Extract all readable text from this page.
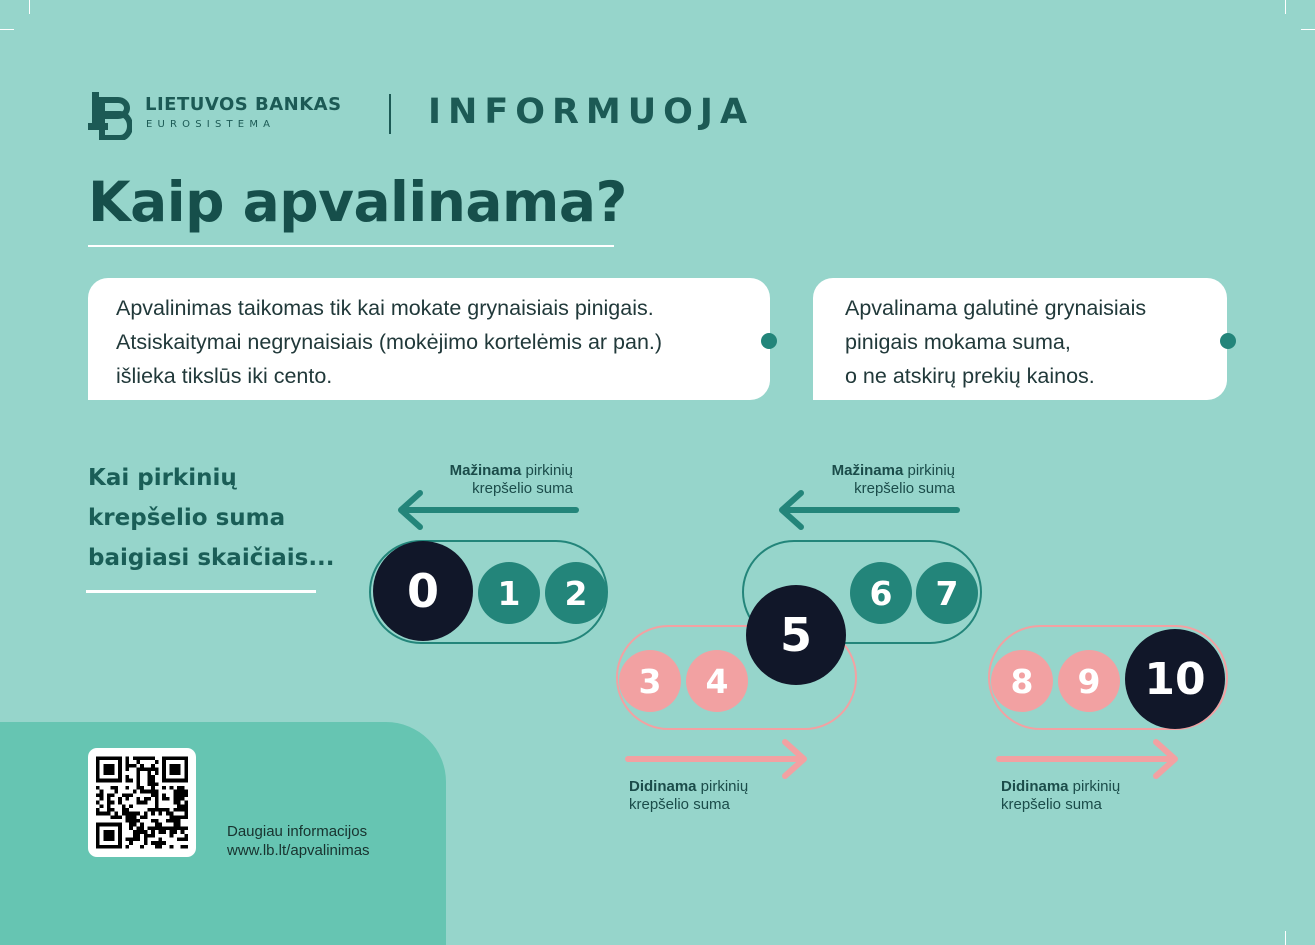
LIETUVOS BANKAS
EUROSISTEMA	INFORMUOJA
Kaip apvalinama?
Apvalinimas taikomas tik kai mokate grynaisiais pinigais.
Atsiskaitymai negrynaisiais (mokėjimo kortelėmis ar pan.)
išlieka tikslūs iki cento.
Apvalinama galutinė grynaisiais
pinigais mokama suma,
o ne atskirų prekių kainos.
Kai pirkinių
krepšelio suma
baigiasi skaičiais...
Mažinama pirkinių
krepšelio suma
Mažinama pirkinių
krepšelio suma
Didinama pirkinių
krepšelio suma
Didinama pirkinių
krepšelio suma
0	1	2	6	7
3	4
5
8	9 10
Daugiau informacijos
www.lb.lt/apvalinimas
